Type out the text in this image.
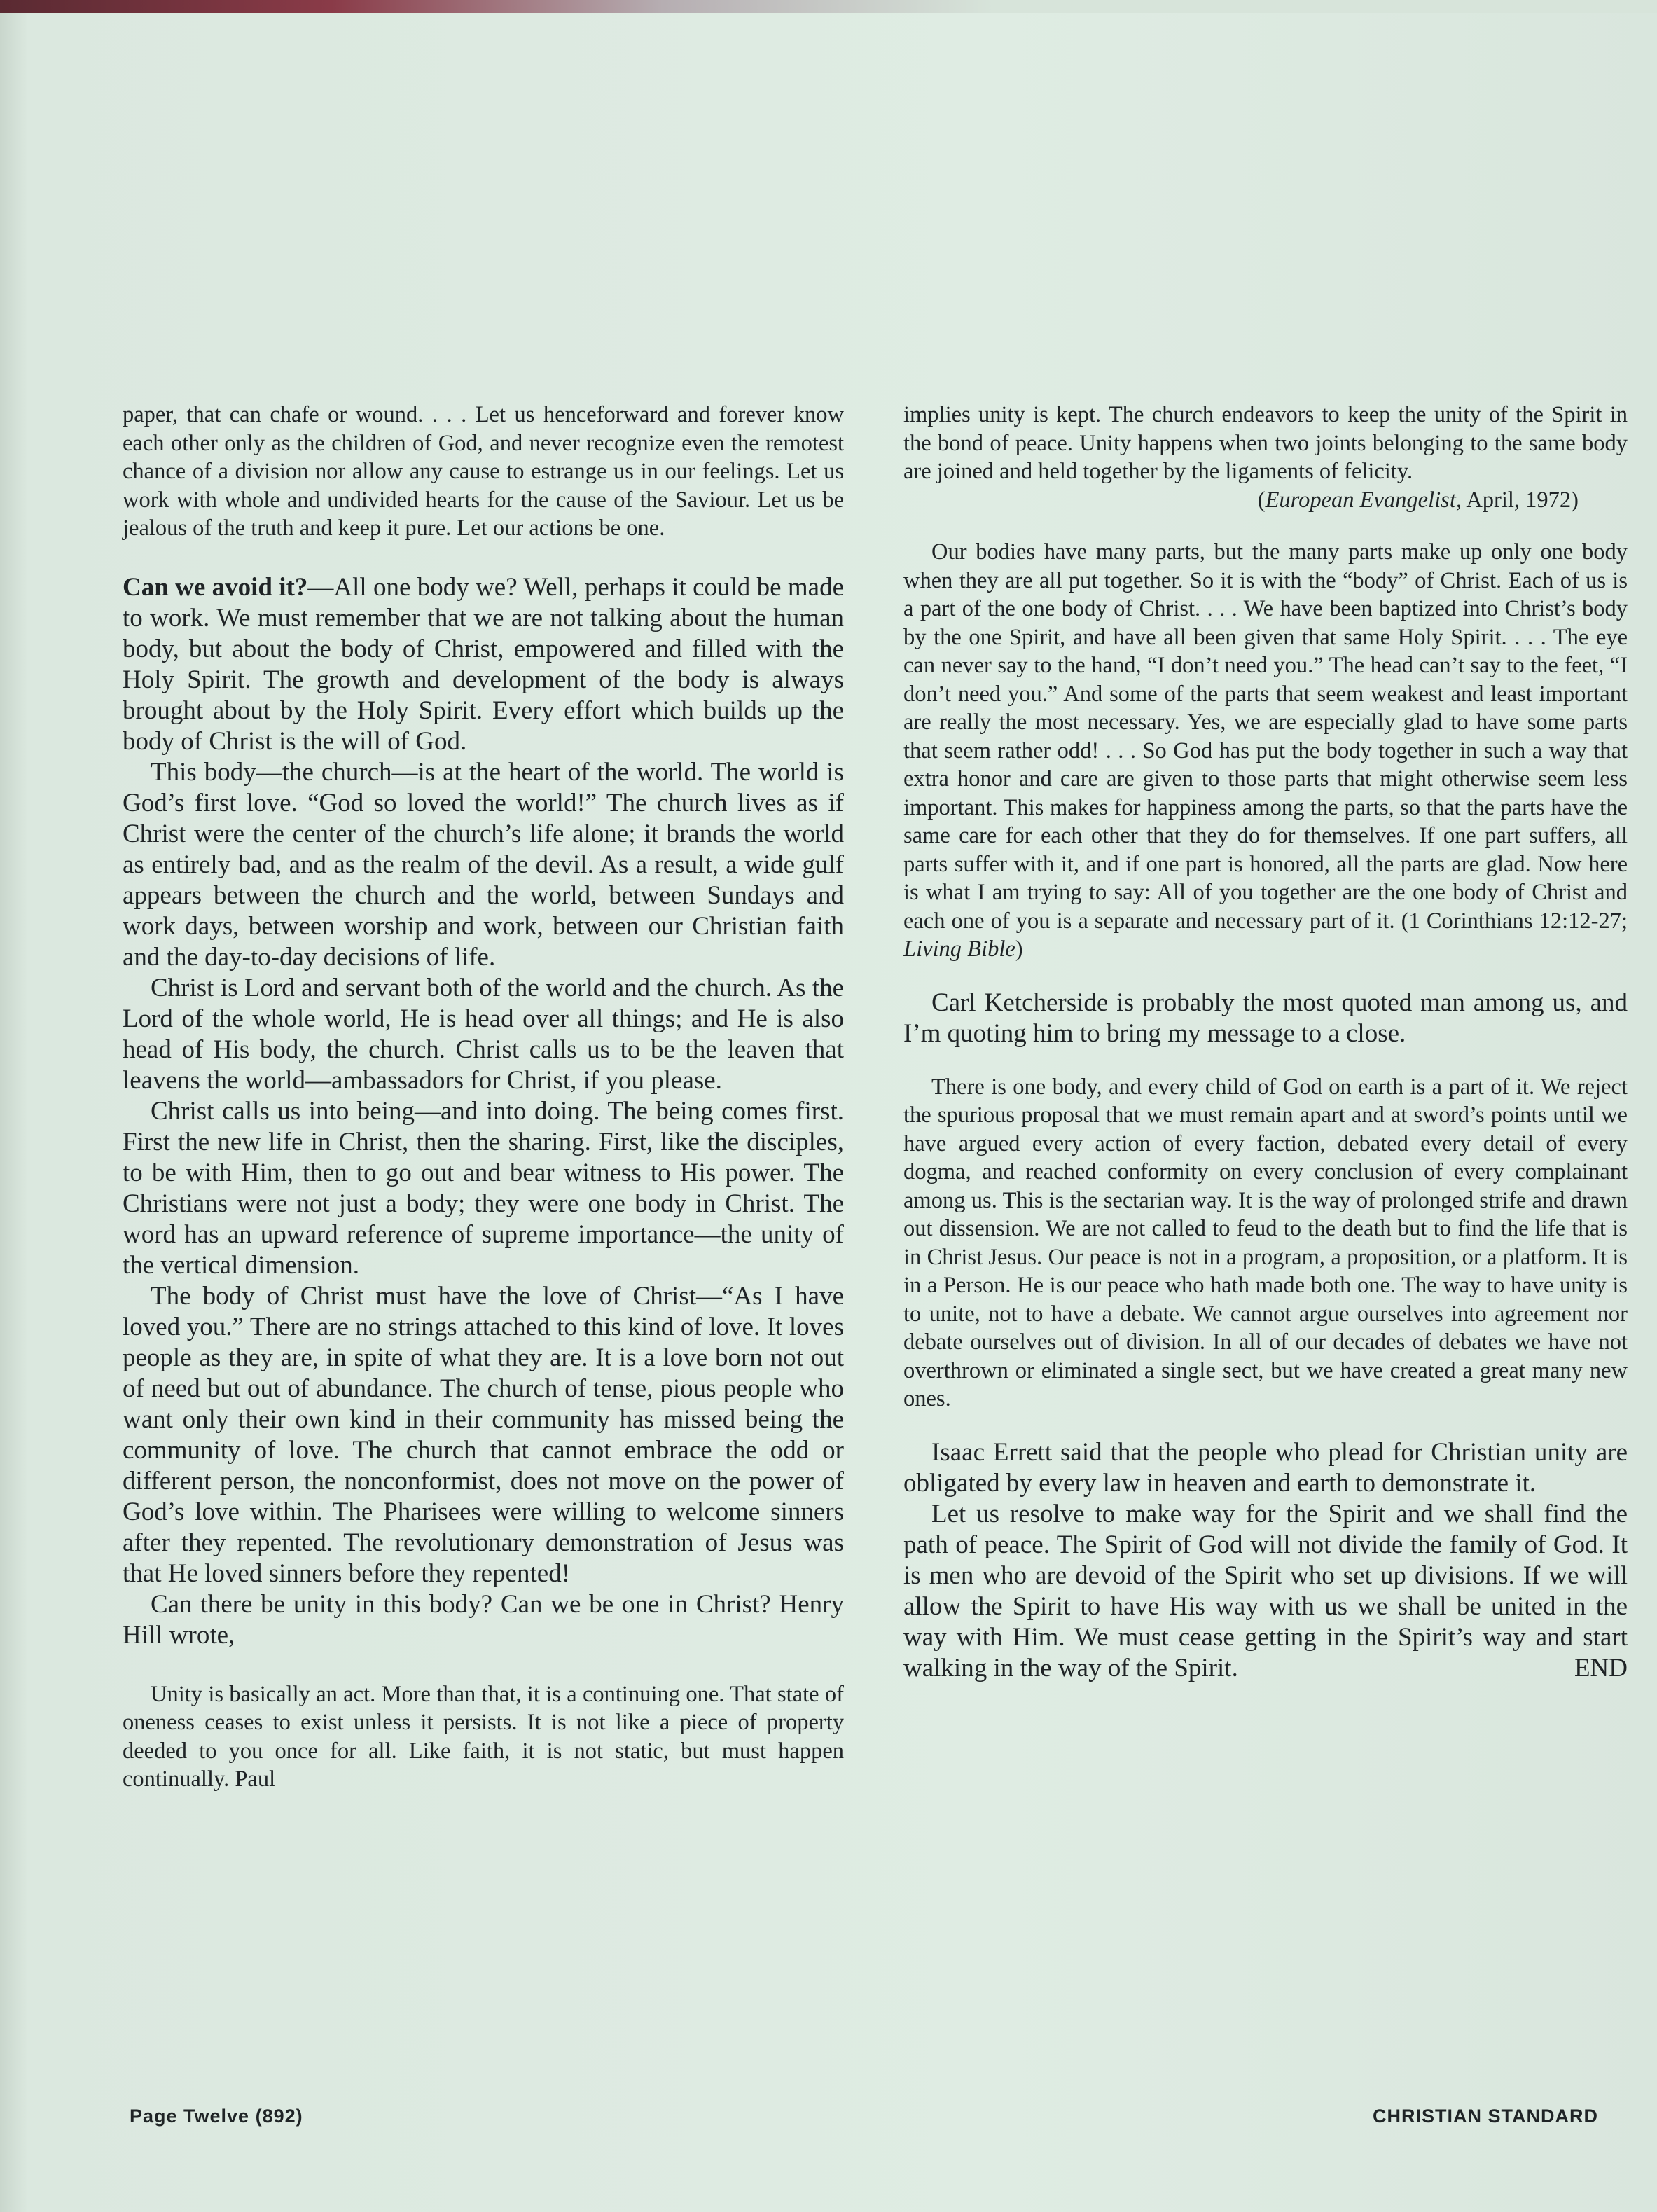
paper, that can chafe or wound. . . . Let us henceforward and forever know each other only as the children of God, and never recognize even the remotest chance of a division nor allow any cause to estrange us in our feelings. Let us work with whole and undivided hearts for the cause of the Saviour. Let us be jealous of the truth and keep it pure. Let our actions be one.

Can we avoid it?—All one body we? Well, perhaps it could be made to work. We must remember that we are not talking about the human body, but about the body of Christ, empowered and filled with the Holy Spirit. The growth and development of the body is always brought about by the Holy Spirit. Every effort which builds up the body of Christ is the will of God.

This body—the church—is at the heart of the world. The world is God’s first love. “God so loved the world!” The church lives as if Christ were the center of the church’s life alone; it brands the world as entirely bad, and as the realm of the devil. As a result, a wide gulf appears between the church and the world, between Sundays and work days, between worship and work, between our Christian faith and the day-to-day decisions of life.

Christ is Lord and servant both of the world and the church. As the Lord of the whole world, He is head over all things; and He is also head of His body, the church. Christ calls us to be the leaven that leavens the world—ambassadors for Christ, if you please.

Christ calls us into being—and into doing. The being comes first. First the new life in Christ, then the sharing. First, like the disciples, to be with Him, then to go out and bear witness to His power. The Christians were not just a body; they were one body in Christ. The word has an upward reference of supreme importance—the unity of the vertical dimension.

The body of Christ must have the love of Christ—“As I have loved you.” There are no strings attached to this kind of love. It loves people as they are, in spite of what they are. It is a love born not out of need but out of abundance. The church of tense, pious people who want only their own kind in their community has missed being the community of love. The church that cannot embrace the odd or different person, the nonconformist, does not move on the power of God’s love within. The Pharisees were willing to welcome sinners after they repented. The revolutionary demonstration of Jesus was that He loved sinners before they repented!

Can there be unity in this body? Can we be one in Christ? Henry Hill wrote,

Unity is basically an act. More than that, it is a continuing one. That state of oneness ceases to exist unless it persists. It is not like a piece of property deeded to you once for all. Like faith, it is not static, but must happen continually. Paul

implies unity is kept. The church endeavors to keep the unity of the Spirit in the bond of peace. Unity happens when two joints belonging to the same body are joined and held together by the ligaments of felicity.

(European Evangelist, April, 1972)

Our bodies have many parts, but the many parts make up only one body when they are all put together. So it is with the “body” of Christ. Each of us is a part of the one body of Christ. . . . We have been baptized into Christ’s body by the one Spirit, and have all been given that same Holy Spirit. . . . The eye can never say to the hand, “I don’t need you.” The head can’t say to the feet, “I don’t need you.” And some of the parts that seem weakest and least important are really the most necessary. Yes, we are especially glad to have some parts that seem rather odd! . . . So God has put the body together in such a way that extra honor and care are given to those parts that might otherwise seem less important. This makes for happiness among the parts, so that the parts have the same care for each other that they do for themselves. If one part suffers, all parts suffer with it, and if one part is honored, all the parts are glad. Now here is what I am trying to say: All of you together are the one body of Christ and each one of you is a separate and necessary part of it. (1 Corinthians 12:12-27; Living Bible)

Carl Ketcherside is probably the most quoted man among us, and I’m quoting him to bring my message to a close.

There is one body, and every child of God on earth is a part of it. We reject the spurious proposal that we must remain apart and at sword’s points until we have argued every action of every faction, debated every detail of every dogma, and reached conformity on every conclusion of every complainant among us. This is the sectarian way. It is the way of prolonged strife and drawn out dissension. We are not called to feud to the death but to find the life that is in Christ Jesus. Our peace is not in a program, a proposition, or a platform. It is in a Person. He is our peace who hath made both one. The way to have unity is to unite, not to have a debate. We cannot argue ourselves into agreement nor debate ourselves out of division. In all of our decades of debates we have not overthrown or eliminated a single sect, but we have created a great many new ones.

Isaac Errett said that the people who plead for Christian unity are obligated by every law in heaven and earth to demonstrate it.

Let us resolve to make way for the Spirit and we shall find the path of peace. The Spirit of God will not divide the family of God. It is men who are devoid of the Spirit who set up divisions. If we will allow the Spirit to have His way with us we shall be united in the way with Him. We must cease getting in the Spirit’s way and start walking in the way of the Spirit.	END

Page Twelve (892)	CHRISTIAN STANDARD
